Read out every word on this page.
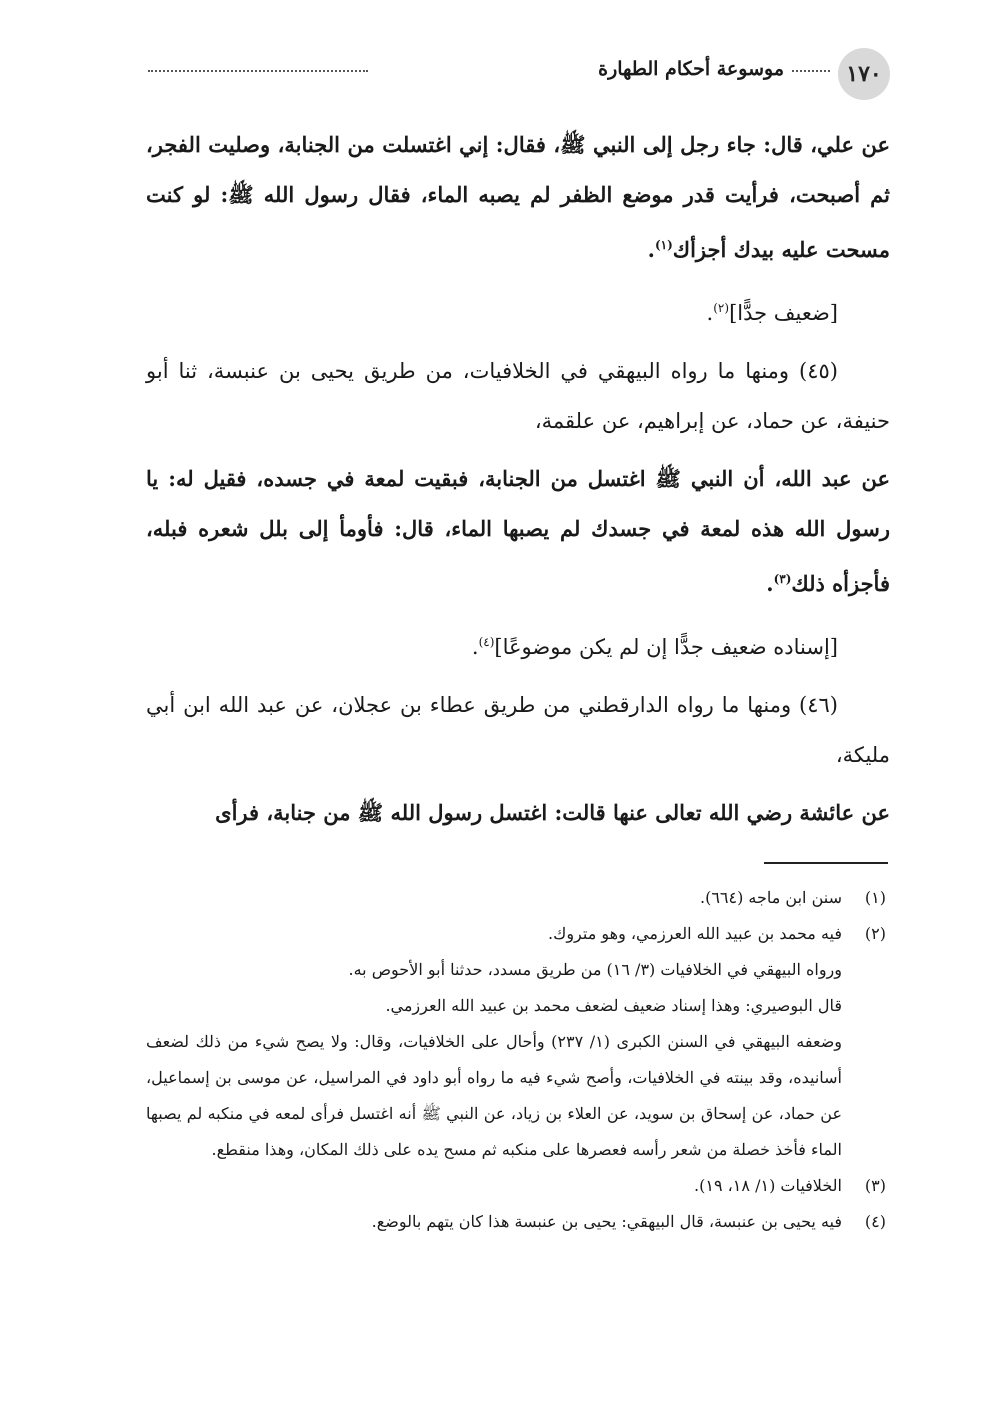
١٧٠
موسوعة أحكام الطهارة

عن علي، قال: جاء رجل إلى النبي ﷺ، فقال: إني اغتسلت من الجنابة، وصليت الفجر، ثم أصبحت، فرأيت قدر موضع الظفر لم يصبه الماء، فقال رسول الله ﷺ: لو كنت مسحت عليه بيدك أجزأك$^{(١)}$.

[ضعيف جدًّا]$^{(٢)}$.

(٤٥) ومنها ما رواه البيهقي في الخلافيات، من طريق يحيى بن عنبسة، ثنا أبو حنيفة، عن حماد، عن إبراهيم، عن علقمة،

عن عبد الله، أن النبي ﷺ اغتسل من الجنابة، فبقيت لمعة في جسده، فقيل له: يا رسول الله هذه لمعة في جسدك لم يصبها الماء، قال: فأومأ إلى بلل شعره فبله، فأجزأه ذلك$^{(٣)}$.

[إسناده ضعيف جدًّا إن لم يكن موضوعًا]$^{(٤)}$.

(٤٦) ومنها ما رواه الدارقطني من طريق عطاء بن عجلان، عن عبد الله ابن أبي مليكة،

عن عائشة رضي الله تعالى عنها قالت: اغتسل رسول الله ﷺ من جنابة، فرأى

(١)
سنن ابن ماجه (٦٦٤).
(٢)
فيه محمد بن عبيد الله العرزمي، وهو متروك.
ورواه البيهقي في الخلافيات (٣/ ١٦) من طريق مسدد، حدثنا أبو الأحوص به.
قال البوصيري: وهذا إسناد ضعيف لضعف محمد بن عبيد الله العرزمي.
وضعفه البيهقي في السنن الكبرى (١/ ٢٣٧) وأحال على الخلافيات، وقال: ولا يصح شيء من ذلك لضعف أسانيده، وقد بينته في الخلافيات، وأصح شيء فيه ما رواه أبو داود في المراسيل، عن موسى بن إسماعيل، عن حماد، عن إسحاق بن سويد، عن العلاء بن زياد، عن النبي ﷺ أنه اغتسل فرأى لمعه في منكبه لم يصبها الماء فأخذ خصلة من شعر رأسه فعصرها على منكبه ثم مسح يده على ذلك المكان، وهذا منقطع.
(٣)
الخلافيات (١/ ١٨، ١٩).
(٤)
فيه يحيى بن عنبسة، قال البيهقي: يحيى بن عنبسة هذا كان يتهم بالوضع.
